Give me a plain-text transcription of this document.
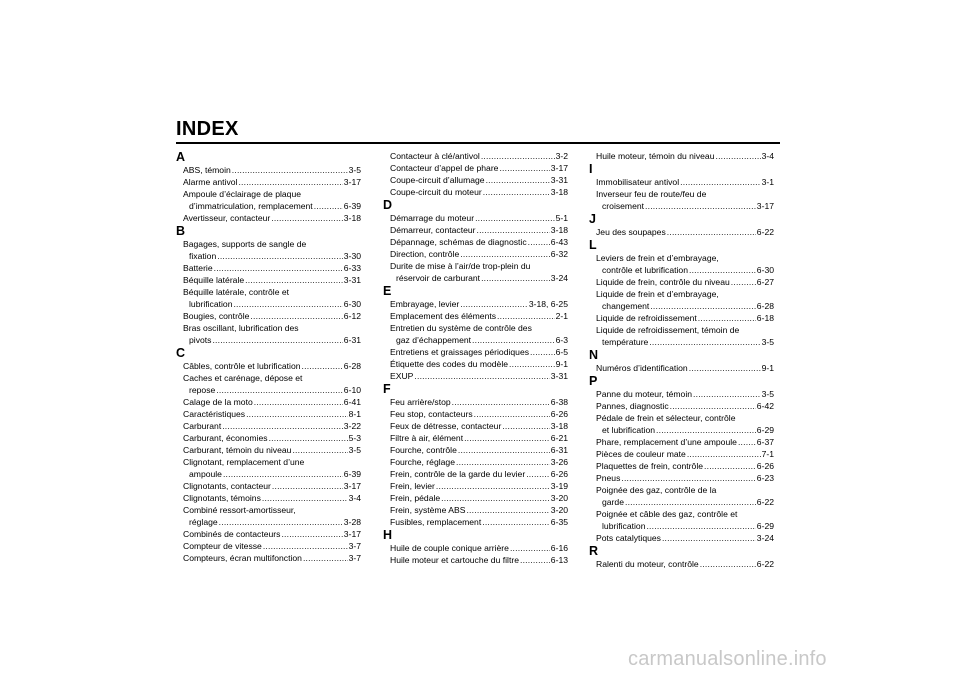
INDEX
A
ABS, témoin .....	3-5
Alarme antivol .....	3-17
Ampoule d’éclairage de plaque
d’immatriculation, remplacement .....	6-39
Avertisseur, contacteur .....	3-18
B
Bagages, supports de sangle de
fixation .....	3-30
Batterie .....	6-33
Béquille latérale .....	3-31
Béquille latérale, contrôle et
lubrification .....	6-30
Bougies, contrôle .....	6-12
Bras oscillant, lubrification des
pivots .....	6-31
C
Câbles, contrôle et lubrification .....	6-28
Caches et carénage, dépose et
repose .....	6-10
Calage de la moto .....	6-41
Caractéristiques .....	8-1
Carburant .....	3-22
Carburant, économies .....	5-3
Carburant, témoin du niveau .....	3-5
Clignotant, remplacement d’une
ampoule .....	6-39
Clignotants, contacteur .....	3-17
Clignotants, témoins .....	3-4
Combiné ressort-amortisseur,
réglage .....	3-28
Combinés de contacteurs .....	3-17
Compteur de vitesse .....	3-7
Compteurs, écran multifonction .....	3-7
Contacteur à clé/antivol .....	3-2
Contacteur d’appel de phare .....	3-17
Coupe-circuit d’allumage .....	3-31
Coupe-circuit du moteur .....	3-18
D
Démarrage du moteur .....	5-1
Démarreur, contacteur .....	3-18
Dépannage, schémas de diagnostic .....	6-43
Direction, contrôle .....	6-32
Durite de mise à l’air/de trop-plein du
réservoir de carburant .....	3-24
E
Embrayage, levier .....	3-18, 6-25
Emplacement des éléments .....	2-1
Entretien du système de contrôle des
gaz d’échappement .....	6-3
Entretiens et graissages périodiques .....	6-5
Étiquette des codes du modèle .....	9-1
EXUP .....	3-31
F
Feu arrière/stop .....	6-38
Feu stop, contacteurs .....	6-26
Feux de détresse, contacteur .....	3-18
Filtre à air, élément .....	6-21
Fourche, contrôle .....	6-31
Fourche, réglage .....	3-26
Frein, contrôle de la garde du levier .....	6-26
Frein, levier .....	3-19
Frein, pédale .....	3-20
Frein, système ABS .....	3-20
Fusibles, remplacement .....	6-35
H
Huile de couple conique arrière .....	6-16
Huile moteur et cartouche du filtre .....	6-13
Huile moteur, témoin du niveau .....	3-4
I
Immobilisateur antivol .....	3-1
Inverseur feu de route/feu de
croisement .....	3-17
J
Jeu des soupapes .....	6-22
L
Leviers de frein et d’embrayage,
contrôle et lubrification .....	6-30
Liquide de frein, contrôle du niveau .....	6-27
Liquide de frein et d’embrayage,
changement .....	6-28
Liquide de refroidissement .....	6-18
Liquide de refroidissement, témoin de
température .....	3-5
N
Numéros d’identification .....	9-1
P
Panne du moteur, témoin .....	3-5
Pannes, diagnostic .....	6-42
Pédale de frein et sélecteur, contrôle
et lubrification .....	6-29
Phare, remplacement d’une ampoule ..... 6-37
Pièces de couleur mate .....	7-1
Plaquettes de frein, contrôle .....	6-26
Pneus .....	6-23
Poignée des gaz, contrôle de la
garde .....	6-22
Poignée et câble des gaz, contrôle et
lubrification .....	6-29
Pots catalytiques .....	3-24
R
Ralenti du moteur, contrôle .....	6-22
carmanualsonline.info
